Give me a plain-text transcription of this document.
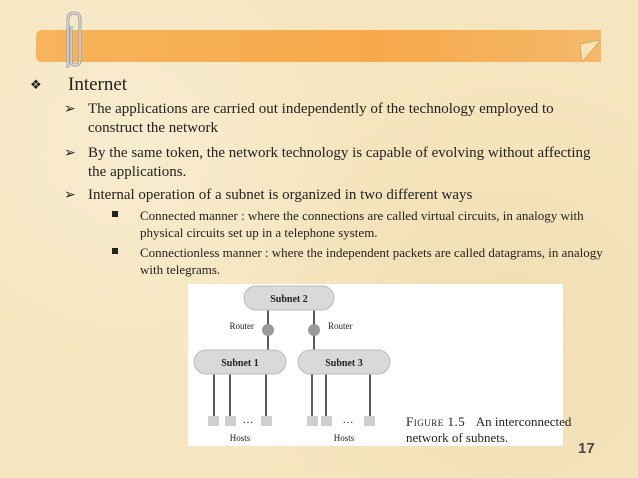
❖ Internet
➢ The applications are carried out independently of the technology employed to construct the network
➢ By the same token, the network technology is capable of evolving without affecting the applications.
➢ Internal operation of a subnet is organized in two different ways
Connected manner : where the connections are called virtual circuits, in analogy with physical circuits set up in a telephone system.
Connectionless manner : where the independent packets are called datagrams, in analogy with telegrams.
Subnet 2
Router	Router
Subnet 1	Subnet 3
…
Hosts
…
Hosts
Figure 1.5 An interconnected network of subnets.
17
